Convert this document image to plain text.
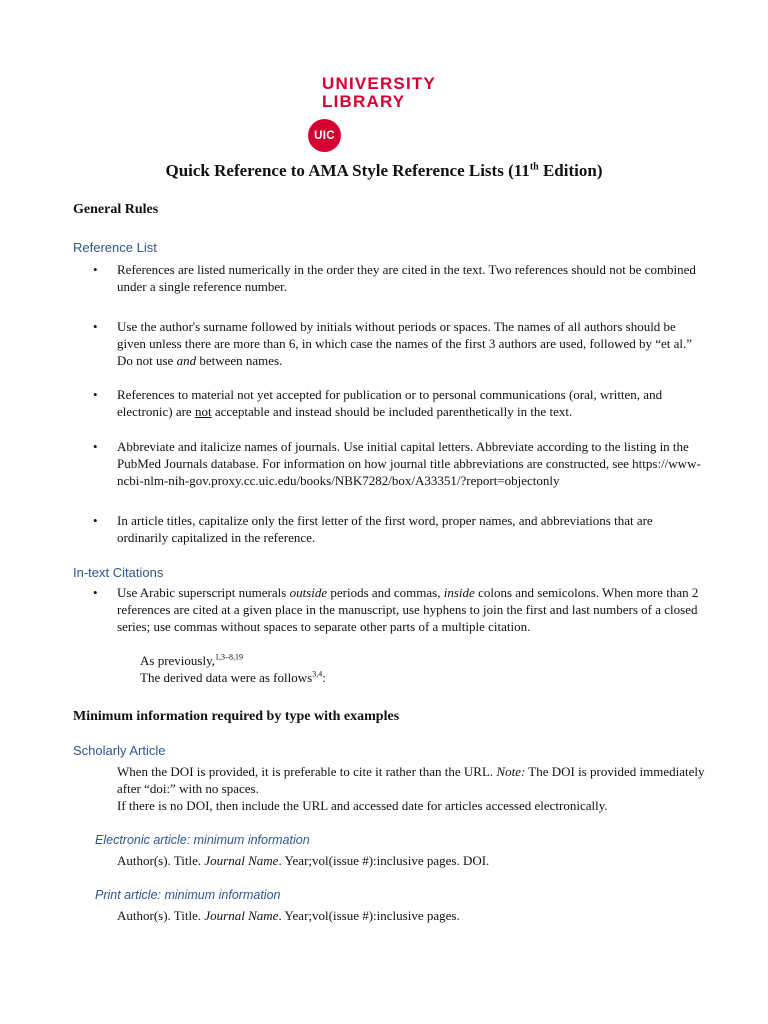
UNIVERSITY
LIBRARY
UIC
Quick Reference to AMA Style Reference Lists (11th Edition)
General Rules
Reference List
• References are listed numerically in the order they are cited in the text. Two references should not be combined under a single reference number.
• Use the author's surname followed by initials without periods or spaces. The names of all authors should be given unless there are more than 6, in which case the names of the first 3 authors are used, followed by “et al.” Do not use and between names.
• References to material not yet accepted for publication or to personal communications (oral, written, and electronic) are not acceptable and instead should be included parenthetically in the text.
• Abbreviate and italicize names of journals. Use initial capital letters. Abbreviate according to the listing in the PubMed Journals database. For information on how journal title abbreviations are constructed, see https://www-ncbi-nlm-nih-gov.proxy.cc.uic.edu/books/NBK7282/box/A33351/?report=objectonly
• In article titles, capitalize only the first letter of the first word, proper names, and abbreviations that are ordinarily capitalized in the reference.
In-text Citations
• Use Arabic superscript numerals outside periods and commas, inside colons and semicolons. When more than 2 references are cited at a given place in the manuscript, use hyphens to join the first and last numbers of a closed series; use commas without spaces to separate other parts of a multiple citation.
As previously,$^{1,3-8,19}$
The derived data were as follows$^{3,4}$:
Minimum information required by type with examples
Scholarly Article
When the DOI is provided, it is preferable to cite it rather than the URL. Note: The DOI is provided immediately after “doi:” with no spaces.
If there is no DOI, then include the URL and accessed date for articles accessed electronically.
Electronic article: minimum information
Author(s). Title. Journal Name. Year;vol(issue #):inclusive pages. DOI.
Print article: minimum information
Author(s). Title. Journal Name. Year;vol(issue #):inclusive pages.
